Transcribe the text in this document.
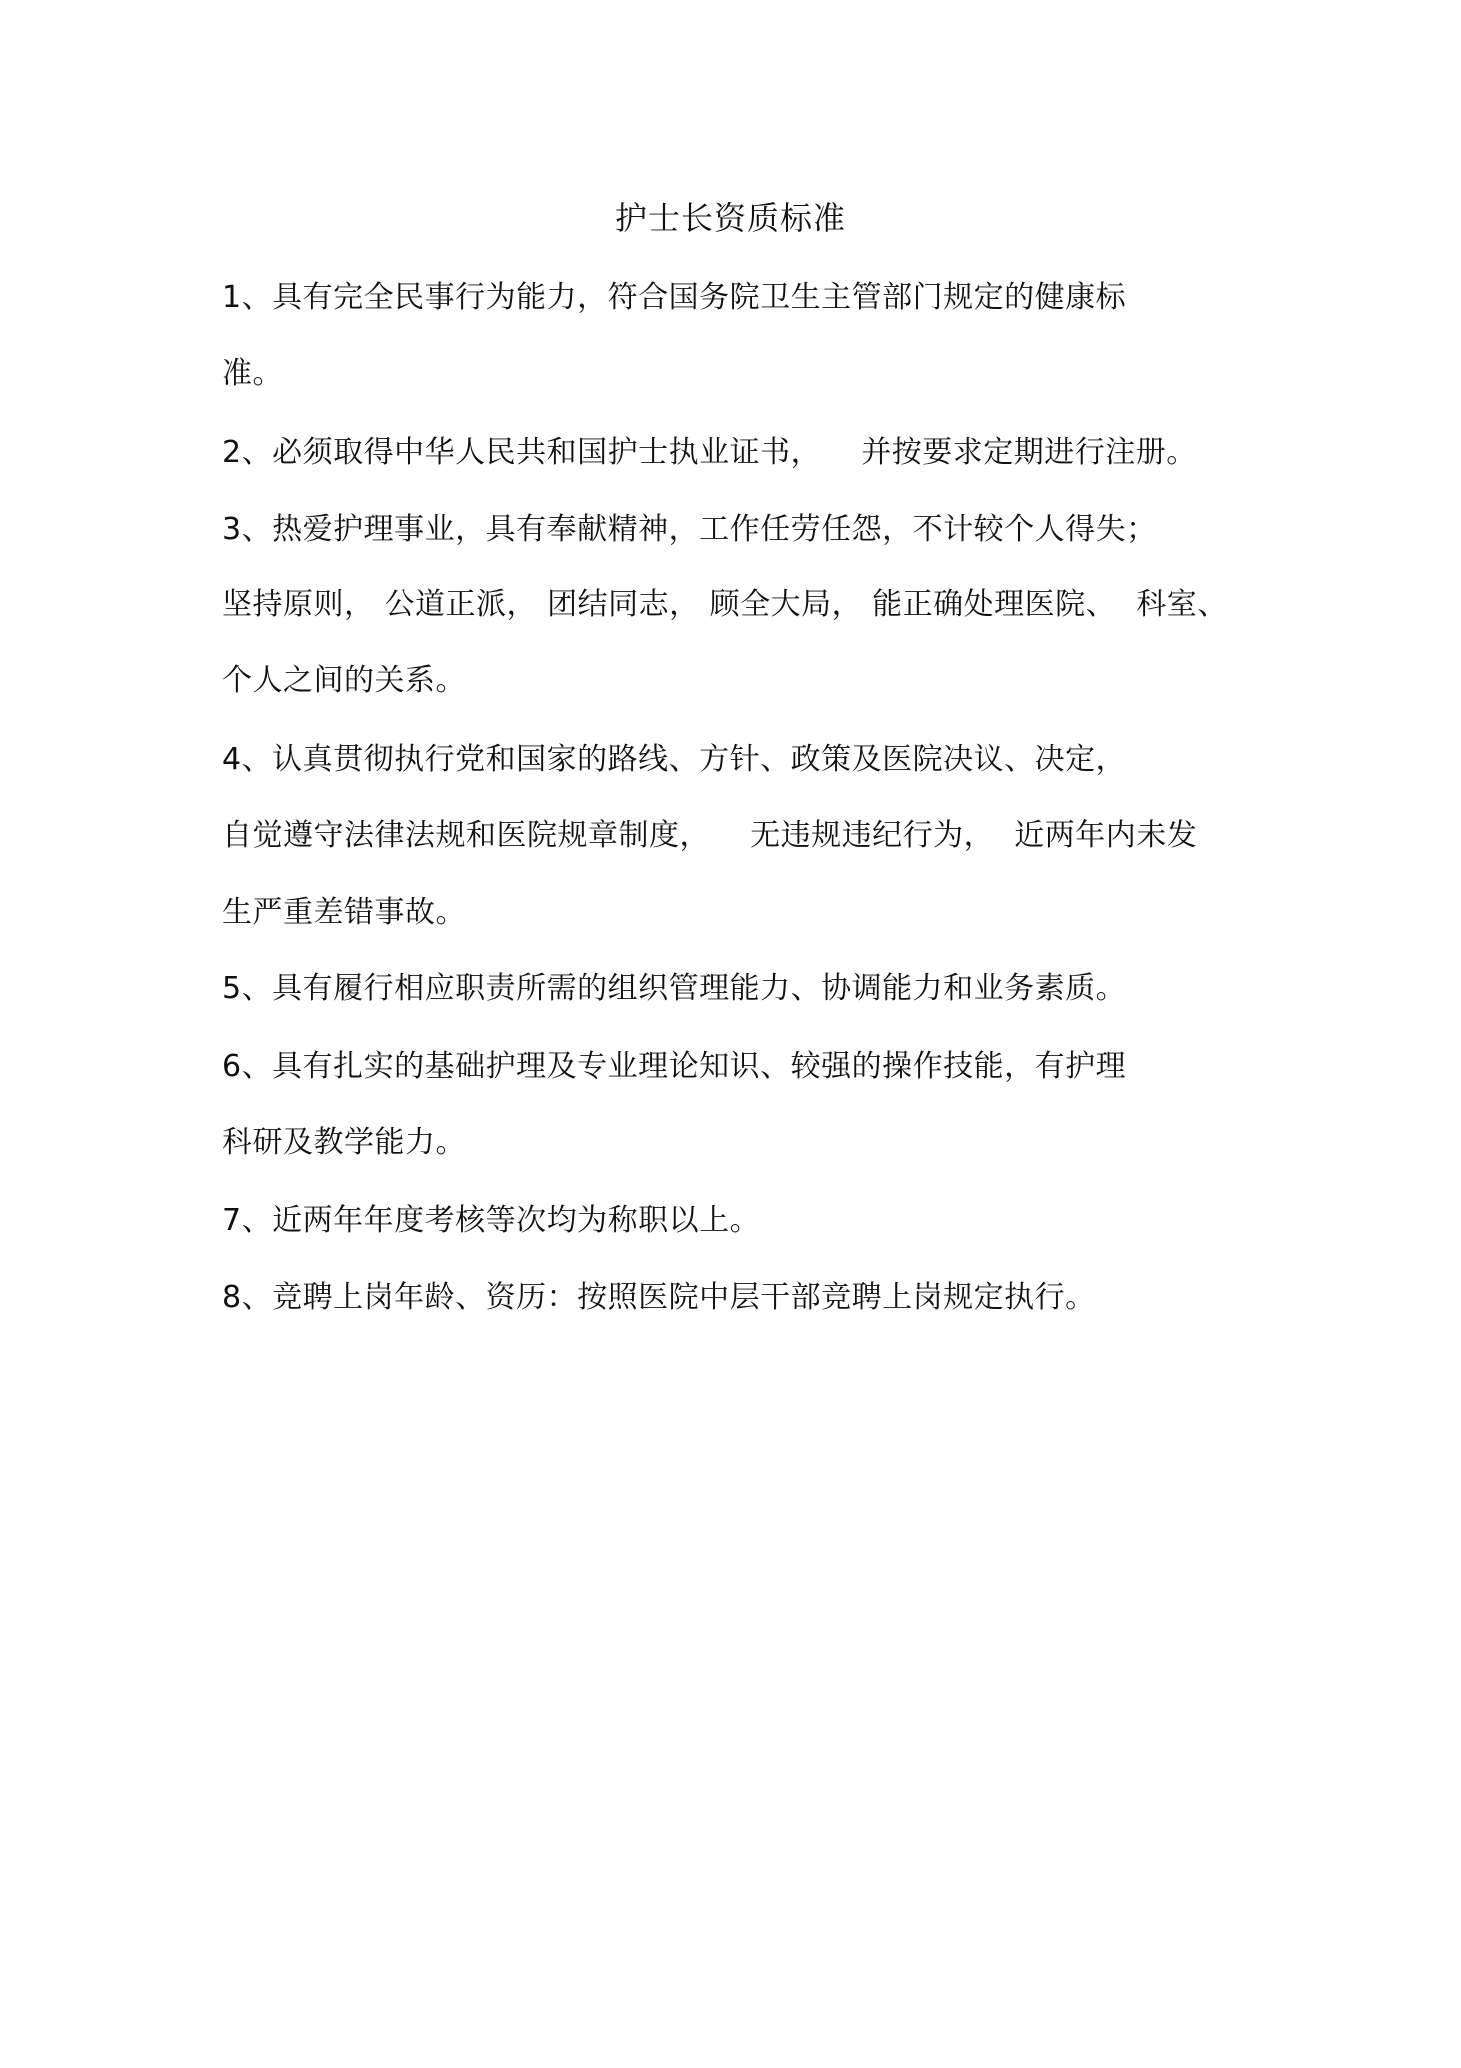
护士长资质标准
1、具有完全民事行为能力，符合国务院卫生主管部门规定的健康标
准。
2、必须取得中华人民共和国护士执业证书，    并按要求定期进行注册。
3、热爱护理事业，具有奉献精神，工作任劳任怨，不计较个人得失；
坚持原则， 公道正派， 团结同志， 顾全大局， 能正确处理医院、  科室、
个人之间的关系。
4、认真贯彻执行党和国家的路线、方针、政策及医院决议、决定，
自觉遵守法律法规和医院规章制度，    无违规违纪行为，  近两年内未发
生严重差错事故。
5、具有履行相应职责所需的组织管理能力、协调能力和业务素质。
6、具有扎实的基础护理及专业理论知识、较强的操作技能，有护理
科研及教学能力。
7、近两年年度考核等次均为称职以上。
8、竞聘上岗年龄、资历：按照医院中层干部竞聘上岗规定执行。
